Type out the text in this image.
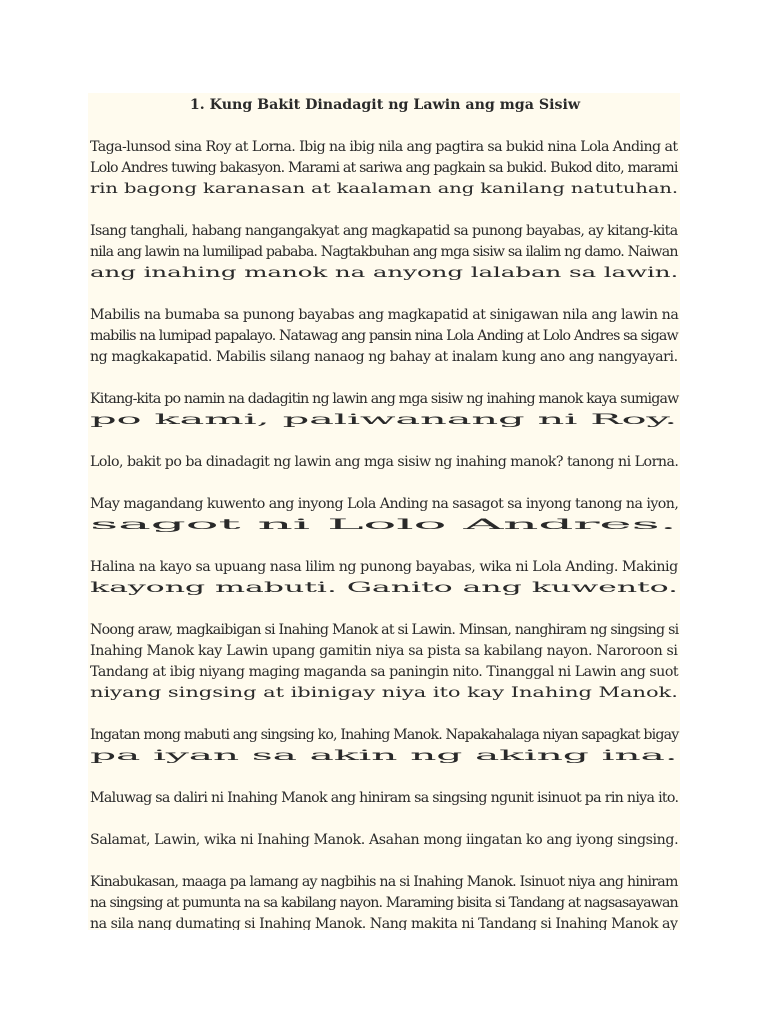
1. Kung Bakit Dinadagit ng Lawin ang mga Sisiw
Taga-lunsod sina Roy at Lorna. Ibig na ibig nila ang pagtira sa bukid nina Lola Anding atLolo Andres tuwing bakasyon. Marami at sariwa ang pagkain sa bukid. Bukod dito, maramirin bagong karanasan at kaalaman ang kanilang natutuhan.
Isang tanghali, habang nangangakyat ang magkapatid sa punong bayabas, ay kitang-kitanila ang lawin na lumilipad pababa. Nagtakbuhan ang mga sisiw sa ilalim ng damo. Naiwanang inahing manok na anyong lalaban sa lawin.
Mabilis na bumaba sa punong bayabas ang magkapatid at sinigawan nila ang lawin namabilis na lumipad papalayo. Natawag ang pansin nina Lola Anding at Lolo Andres sa sigawng magkakapatid. Mabilis silang nanaog ng bahay at inalam kung ano ang nangyayari.
Kitang-kita po namin na dadagitin ng lawin ang mga sisiw ng inahing manok kaya sumigawpo kami, paliwanang ni Roy.
Lolo, bakit po ba dinadagit ng lawin ang mga sisiw ng inahing manok? tanong ni Lorna.
May magandang kuwento ang inyong Lola Anding na sasagot sa inyong tanong na iyon,sagot ni Lolo Andres.
Halina na kayo sa upuang nasa lilim ng punong bayabas, wika ni Lola Anding. Makinigkayong mabuti. Ganito ang kuwento.
Noong araw, magkaibigan si Inahing Manok at si Lawin. Minsan, nanghiram ng singsing siInahing Manok kay Lawin upang gamitin niya sa pista sa kabilang nayon. Naroroon siTandang at ibig niyang maging maganda sa paningin nito. Tinanggal ni Lawin ang suotniyang singsing at ibinigay niya ito kay Inahing Manok.
Ingatan mong mabuti ang singsing ko, Inahing Manok. Napakahalaga niyan sapagkat bigaypa iyan sa akin ng aking ina.
Maluwag sa daliri ni Inahing Manok ang hiniram sa singsing ngunit isinuot pa rin niya ito.
Salamat, Lawin, wika ni Inahing Manok. Asahan mong iingatan ko ang iyong singsing.
Kinabukasan, maaga pa lamang ay nagbihis na si Inahing Manok. Isinuot niya ang hiniramna singsing at pumunta na sa kabilang nayon. Maraming bisita si Tandang at nagsasayawanna sila nang dumating si Inahing Manok. Nang makita ni Tandang si Inahing Manok ay
